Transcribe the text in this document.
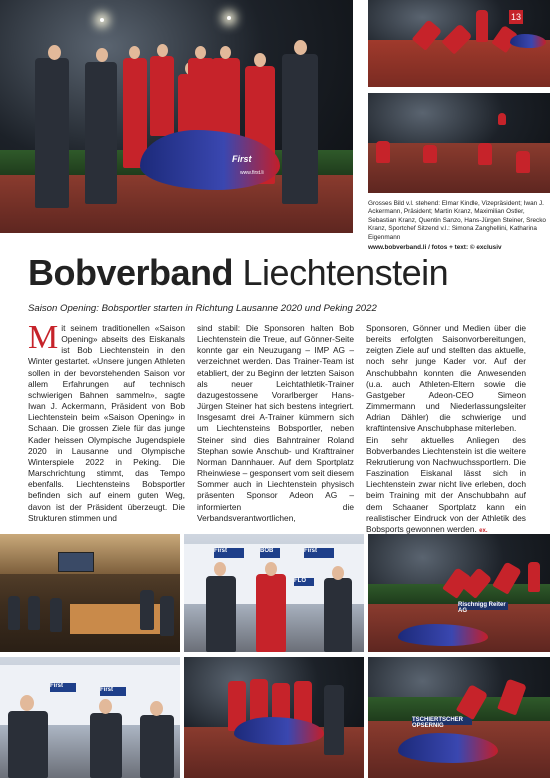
First
www.first.li
13
Grosses Bild v.l. stehend: Elmar Kindle, Vizepräsident; Iwan J. Ackermann, Präsident; Martin Kranz, Maximilian Ostler, Sebastian Kranz, Quentin Sanzo, Hans-Jürgen Steiner, Srecko Kranz, Sportchef Sitzend v.l.: Simona Zanghellini, Katharina Eigenmann
www.bobverband.li / fotos + text: © exclusiv
Bobverband Liechtenstein
Saison Opening: Bobsportler starten in Richtung Lausanne 2020 und Peking 2022
M it seinem traditionellen «Saison Opening» abseits des Eiskanals ist Bob Liechtenstein in den Winter gestartet. «Unsere jungen Athleten sollen in der bevorstehenden Saison vor allem Erfahrungen auf technisch schwierigen Bahnen sammeln», sagte Iwan J. Ackermann, Präsident von Bob Liechtenstein beim «Saison Opening» in Schaan. Die grossen Ziele für das junge Kader heissen Olympische Jugendspiele 2020 in Lausanne und Olympische Winterspiele 2022 in Peking. Die Marschrichtung stimmt, das Tempo ebenfalls. Liechtensteins Bobsportler befinden sich auf einem guten Weg, davon ist der Präsident überzeugt. Die Strukturen stimmen und
sind stabil: Die Sponsoren halten Bob Liechtenstein die Treue, auf Gönner-Seite konnte gar ein Neuzugang – IMP AG – verzeichnet werden. Das Trainer-Team ist etabliert, der zu Beginn der letzten Saison als neuer Leichtathletik-Trainer dazugestossene Vorarlberger Hans-Jürgen Steiner hat sich bestens integriert. Insgesamt drei A-Trainer kümmern sich um Liechtensteins Bobsportler, neben Steiner sind dies Bahntrainer Roland Stephan sowie Anschub- und Krafttrainer Norman Dannhauer. Auf dem Sportplatz Rheinwiese – gesponsert vom seit diesem Sommer auch in Liechtenstein physisch präsenten Sponsor Adeon AG – informierten die Verbandsverantwortlichen,
Sponsoren, Gönner und Medien über die bereits erfolgten Saisonvorbereitungen, zeigten Ziele auf und stellten das aktuelle, noch sehr junge Kader vor. Auf der Anschubbahn konnten die Anwesenden (u.a. auch Athleten-Eltern sowie die Gastgeber Adeon-CEO Simeon Zimmermann und Niederlassungsleiter Adrian Dähler) die schwierige und kraftintensive Anschubphase miterleben.
Ein sehr aktuelles Anliegen des Bobverbandes Liechtenstein ist die weitere Rekrutierung von Nachwuchssportlern. Die Faszination Eiskanal lässt sich in Liechtenstein zwar nicht live erleben, doch beim Training mit der Anschubbahn auf dem Schaaner Sportplatz kann ein realistischer Eindruck von der Athletik des Bobsports gewonnen werden. ex.
First	BOB	First
FLO
Rischnigg Reiter AG
First
First
TSCHIERTSCHER OPSERNIG
